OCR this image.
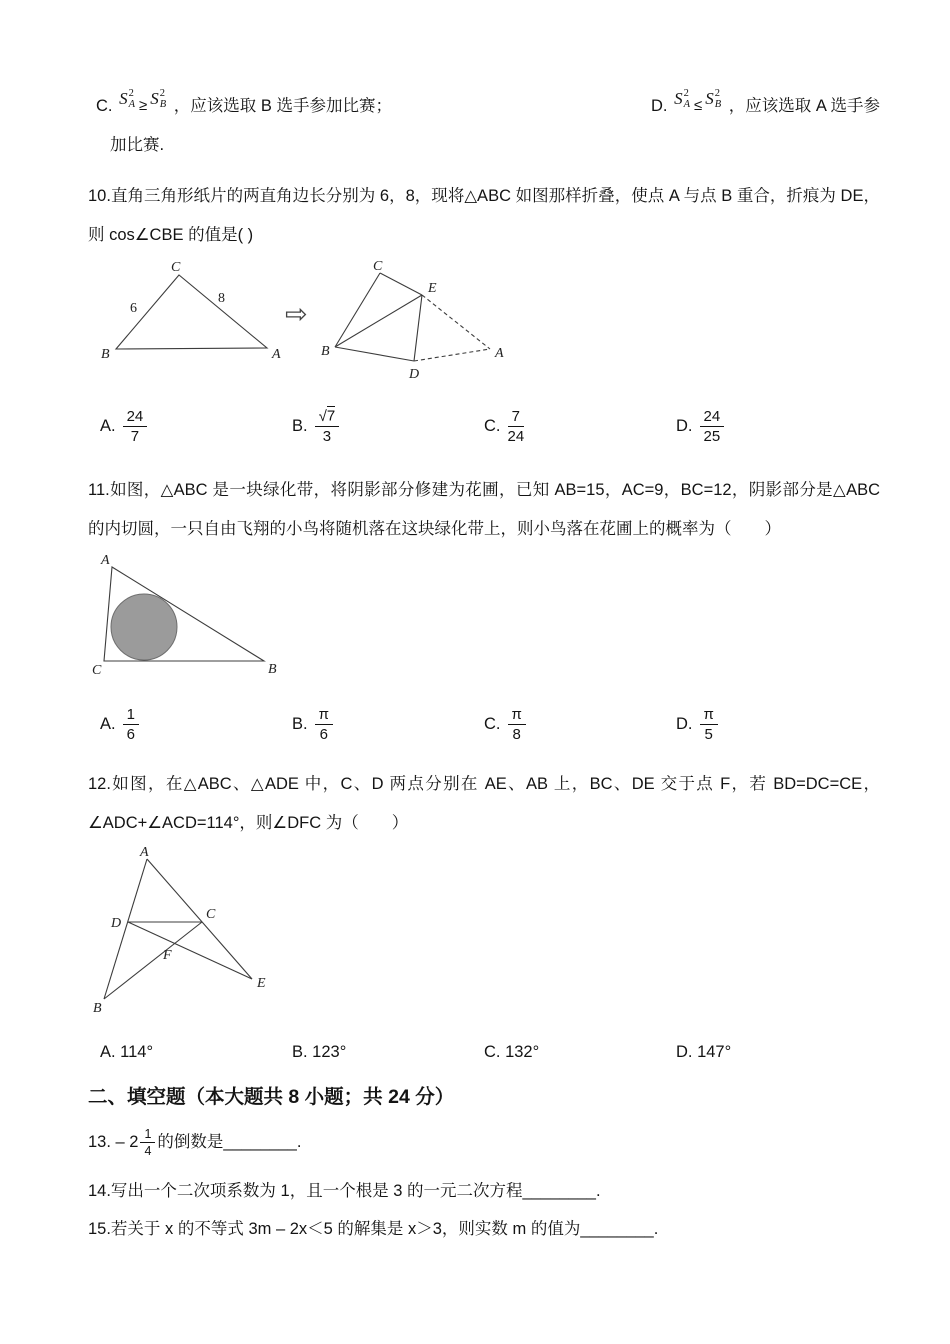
C. S 2
A ≥ S 2
B ，应该选取 B 选手参加比赛；	D. S 2
A ≤ S 2
B ，应该选取 A 选手参

加比赛.

10.直角三角形纸片的两直角边长分别为 6，8，现将△ABC 如图那样折叠，使点 A 与点 B 重合，折痕为 DE，则 cos∠CBE 的值是( )

C
B	A
6
8
⇨
C
E
B
D
A
A. $\frac{24}{7}$	B. $\frac{√7}{3}$	C. $\frac{7}{24}$	D. $\frac{24}{25}$

11.如图，△ABC 是一块绿化带，将阴影部分修建为花圃，已知 AB=15，AC=9，BC=12，阴影部分是△ABC 的内切圆，一只自由飞翔的小鸟将随机落在这块绿化带上，则小鸟落在花圃上的概率为（　　）

A
C	B
A. $\frac{1}{6}$	B. $\frac{\pi}{6}$	C. $\frac{\pi}{8}$	D. $\frac{\pi}{5}$

12.如图，在△ABC、△ADE 中，C、D 两点分别在 AE、AB 上，BC、DE 交于点 F，若 BD=DC=CE，∠ADC+∠ACD=114°，则∠DFC 为（　　）

A
D
C
F
E
B
A. 114°	B. 123°	C. 132°	D. 147°
二、填空题（本大题共 8 小题；共 24 分）

13. – $2 \frac{1}{4}$ 的倒数是________.

14.写出一个二次项系数为 1，且一个根是 3 的一元二次方程________.

15.若关于 x 的不等式 3m – 2x＜5 的解集是 x＞3，则实数 m 的值为________.
